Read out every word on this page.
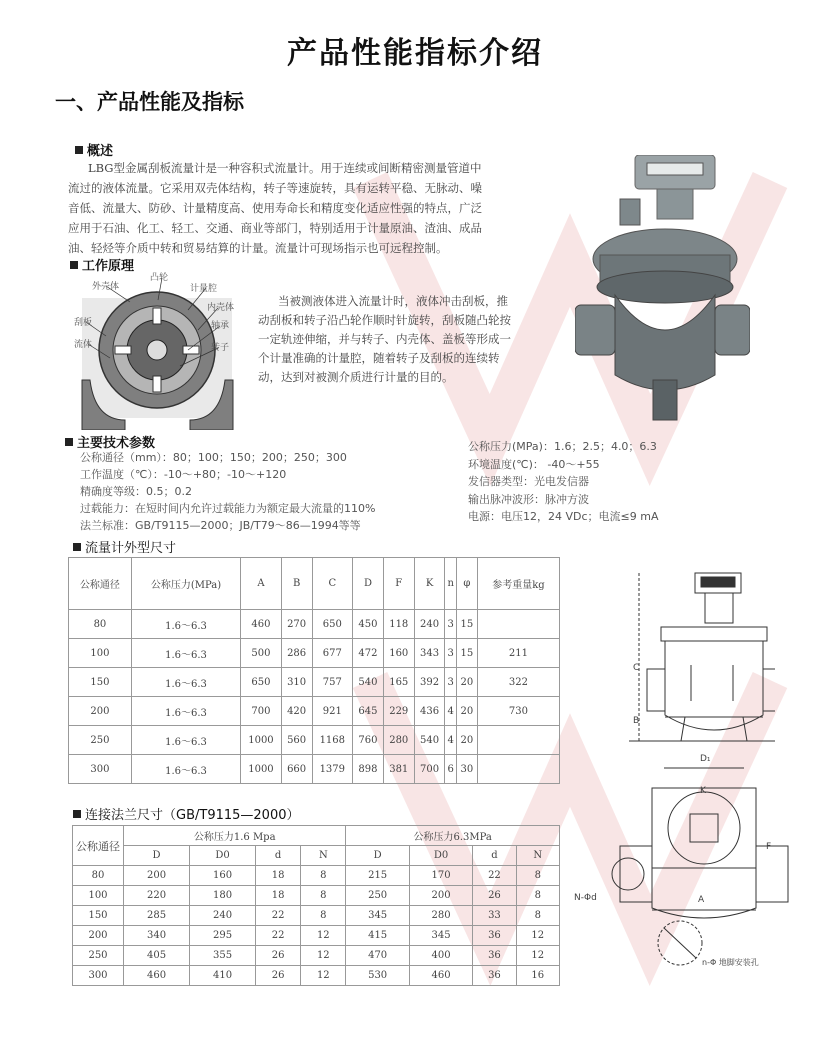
产品性能指标介绍
一、产品性能及指标
概述
LBG型金属刮板流量计是一种容积式流量计。用于连续或间断精密测量管道中
流过的液体流量。它采用双壳体结构，转子等速旋转，具有运转平稳、无脉动、噪
音低、流量大、防砂、计量精度高、使用寿命长和精度变化适应性强的特点，广泛
应用于石油、化工、轻工、交通、商业等部门，特别适用于计量原油、渣油、成品
油、轻烃等介质中转和贸易结算的计量。流量计可现场指示也可远程控制。
工作原理
外壳体
凸轮
计量腔
内壳体
刮板	轴承
流体	转子
当被测液体进入流量计时，液体冲击刮板，推
动刮板和转子沿凸轮作顺时针旋转，刮板随凸轮按
一定轨迹伸缩，并与转子、内壳体、盖板等形成一
个计量准确的计量腔，随着转子及刮板的连续转
动，达到对被测介质进行计量的目的。
主要技术参数
公称通径（mm）：80；100；150；200；250；300
工作温度（℃）：-10～+80；-10～+120
精确度等级：0.5；0.2
过载能力：在短时间内允许过载能力为额定最大流量的110%
法兰标准：GB/T9115—2000；JB/T79～86—1994等等
公称压力(MPa)：1.6；2.5；4.0；6.3
环境温度(℃)： -40～+55
发信器类型：光电发信器
输出脉冲波形：脉冲方波
电源：电压12，24 VDc；电流≤9 mA
流量计外型尺寸
公称通径	公称压力(MPa)	A	B	C	D	F	K	n	φ	参考重量kg
80	1.6～6.3	460	270	650	450	118	240	3	15	
100	1.6～6.3	500	286	677	472	160	343	3	15	211
150	1.6～6.3	650	310	757	540	165	392	3	20	322
200	1.6～6.3	700	420	921	645	229	436	4	20	730
250	1.6～6.3	1000	560	1168	760	280	540	4	20	
300	1.6～6.3	1000	660	1379	898	381	700	6	30	
C
B
连接法兰尺寸（GB/T9115—2000）
公称通径	公称压力1.6 Mpa				公称压力6.3MPa			
	D	D0	d	N	D	D0	d	N
80	200	160	18	8	215	170	22	8
100	220	180	18	8	250	200	26	8
150	285	240	22	8	345	280	33	8
200	340	295	22	12	415	345	36	12
250	405	355	26	12	470	400	36	12
300	460	410	26	12	530	460	36	16
D₁
K
A
F
N-Φd
n-Φ 地脚安装孔
